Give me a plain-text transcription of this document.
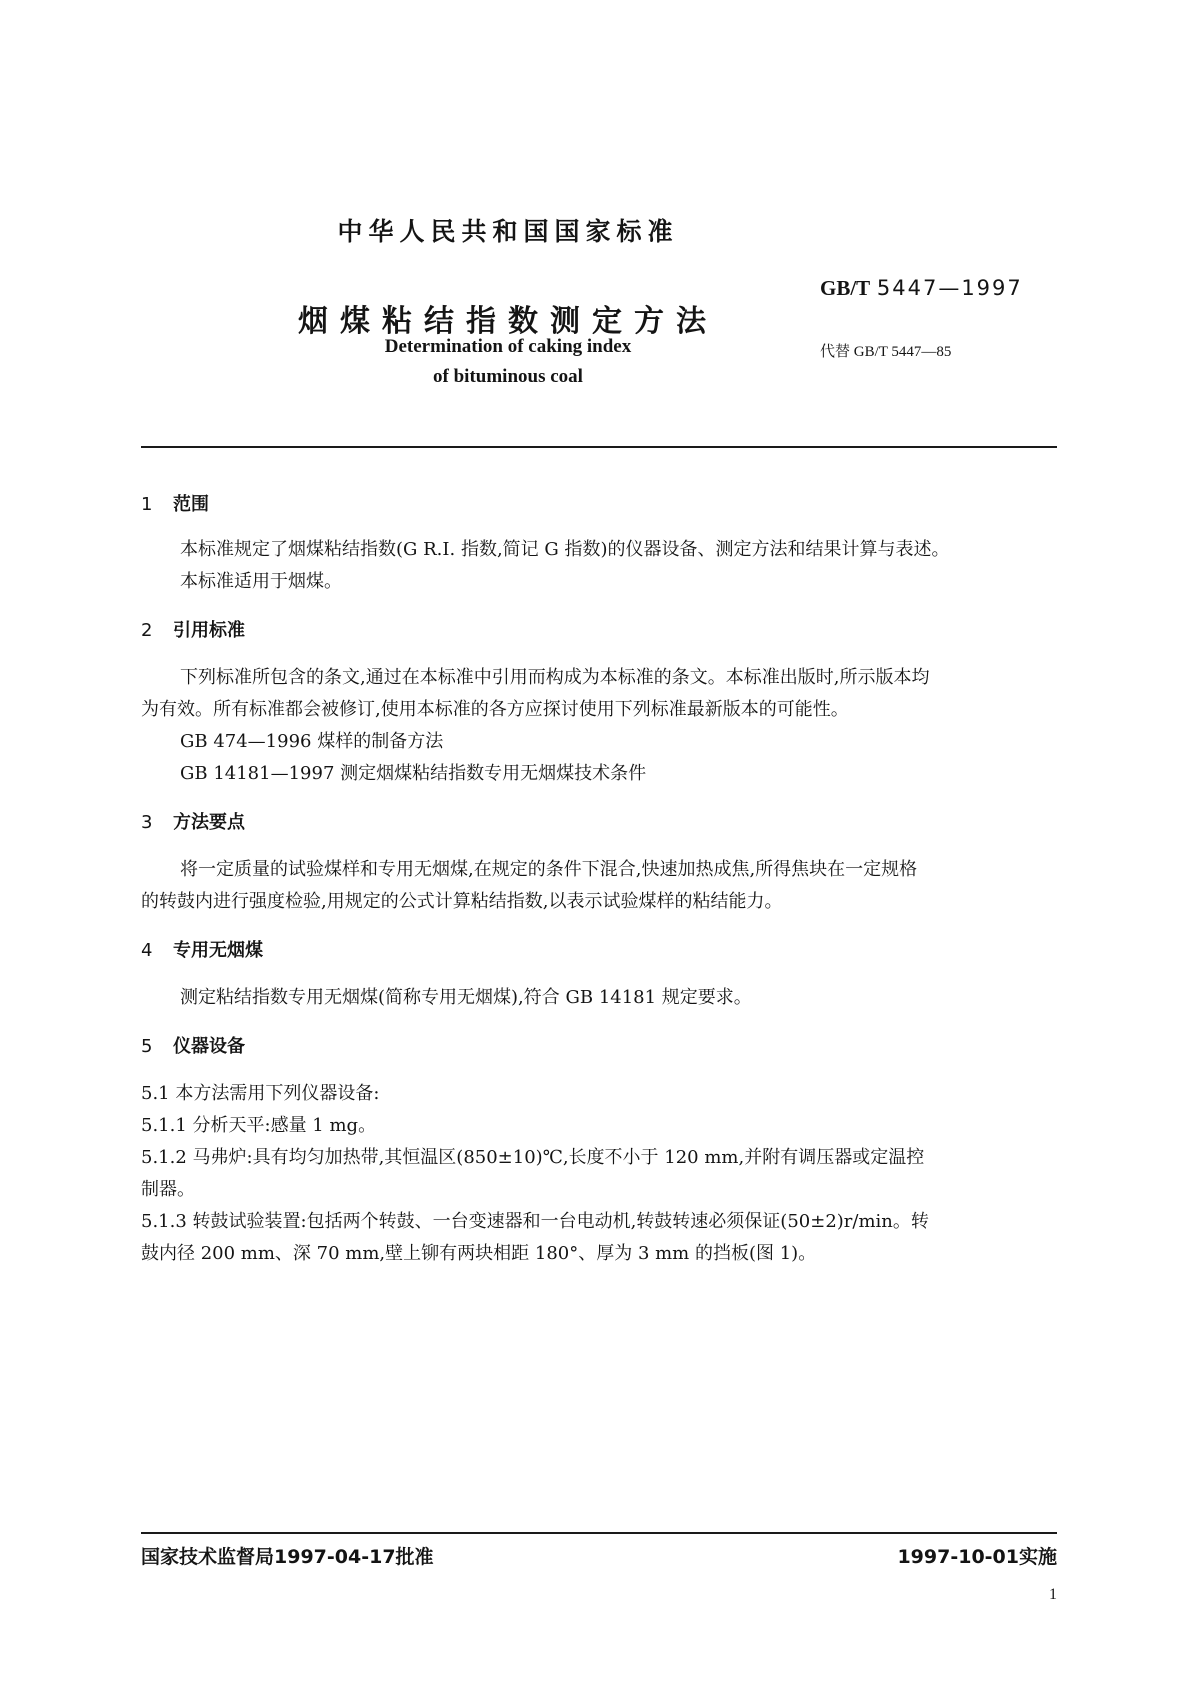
中华人民共和国国家标准

烟煤粘结指数测定方法

Determination of caking index

of bituminous coal

GB/T 5447—1997

代替 GB/T 5447—85

1 范围

本标准规定了烟煤粘结指数(G R.I. 指数,简记 G 指数)的仪器设备、测定方法和结果计算与表述。

本标准适用于烟煤。

2 引用标准

下列标准所包含的条文,通过在本标准中引用而构成为本标准的条文。本标准出版时,所示版本均

为有效。所有标准都会被修订,使用本标准的各方应探讨使用下列标准最新版本的可能性。

GB 474—1996 煤样的制备方法

GB 14181—1997 测定烟煤粘结指数专用无烟煤技术条件

3 方法要点

将一定质量的试验煤样和专用无烟煤,在规定的条件下混合,快速加热成焦,所得焦块在一定规格

的转鼓内进行强度检验,用规定的公式计算粘结指数,以表示试验煤样的粘结能力。

4 专用无烟煤

测定粘结指数专用无烟煤(简称专用无烟煤),符合 GB 14181 规定要求。

5 仪器设备

5.1 本方法需用下列仪器设备:

5.1.1 分析天平:感量 1 mg。

5.1.2 马弗炉:具有均匀加热带,其恒温区(850±10)℃,长度不小于 120 mm,并附有调压器或定温控

制器。

5.1.3 转鼓试验装置:包括两个转鼓、一台变速器和一台电动机,转鼓转速必须保证(50±2)r/min。转

鼓内径 200 mm、深 70 mm,壁上铆有两块相距 180°、厚为 3 mm 的挡板(图 1)。

国家技术监督局1997-04-17批准	1997-10-01实施

1
